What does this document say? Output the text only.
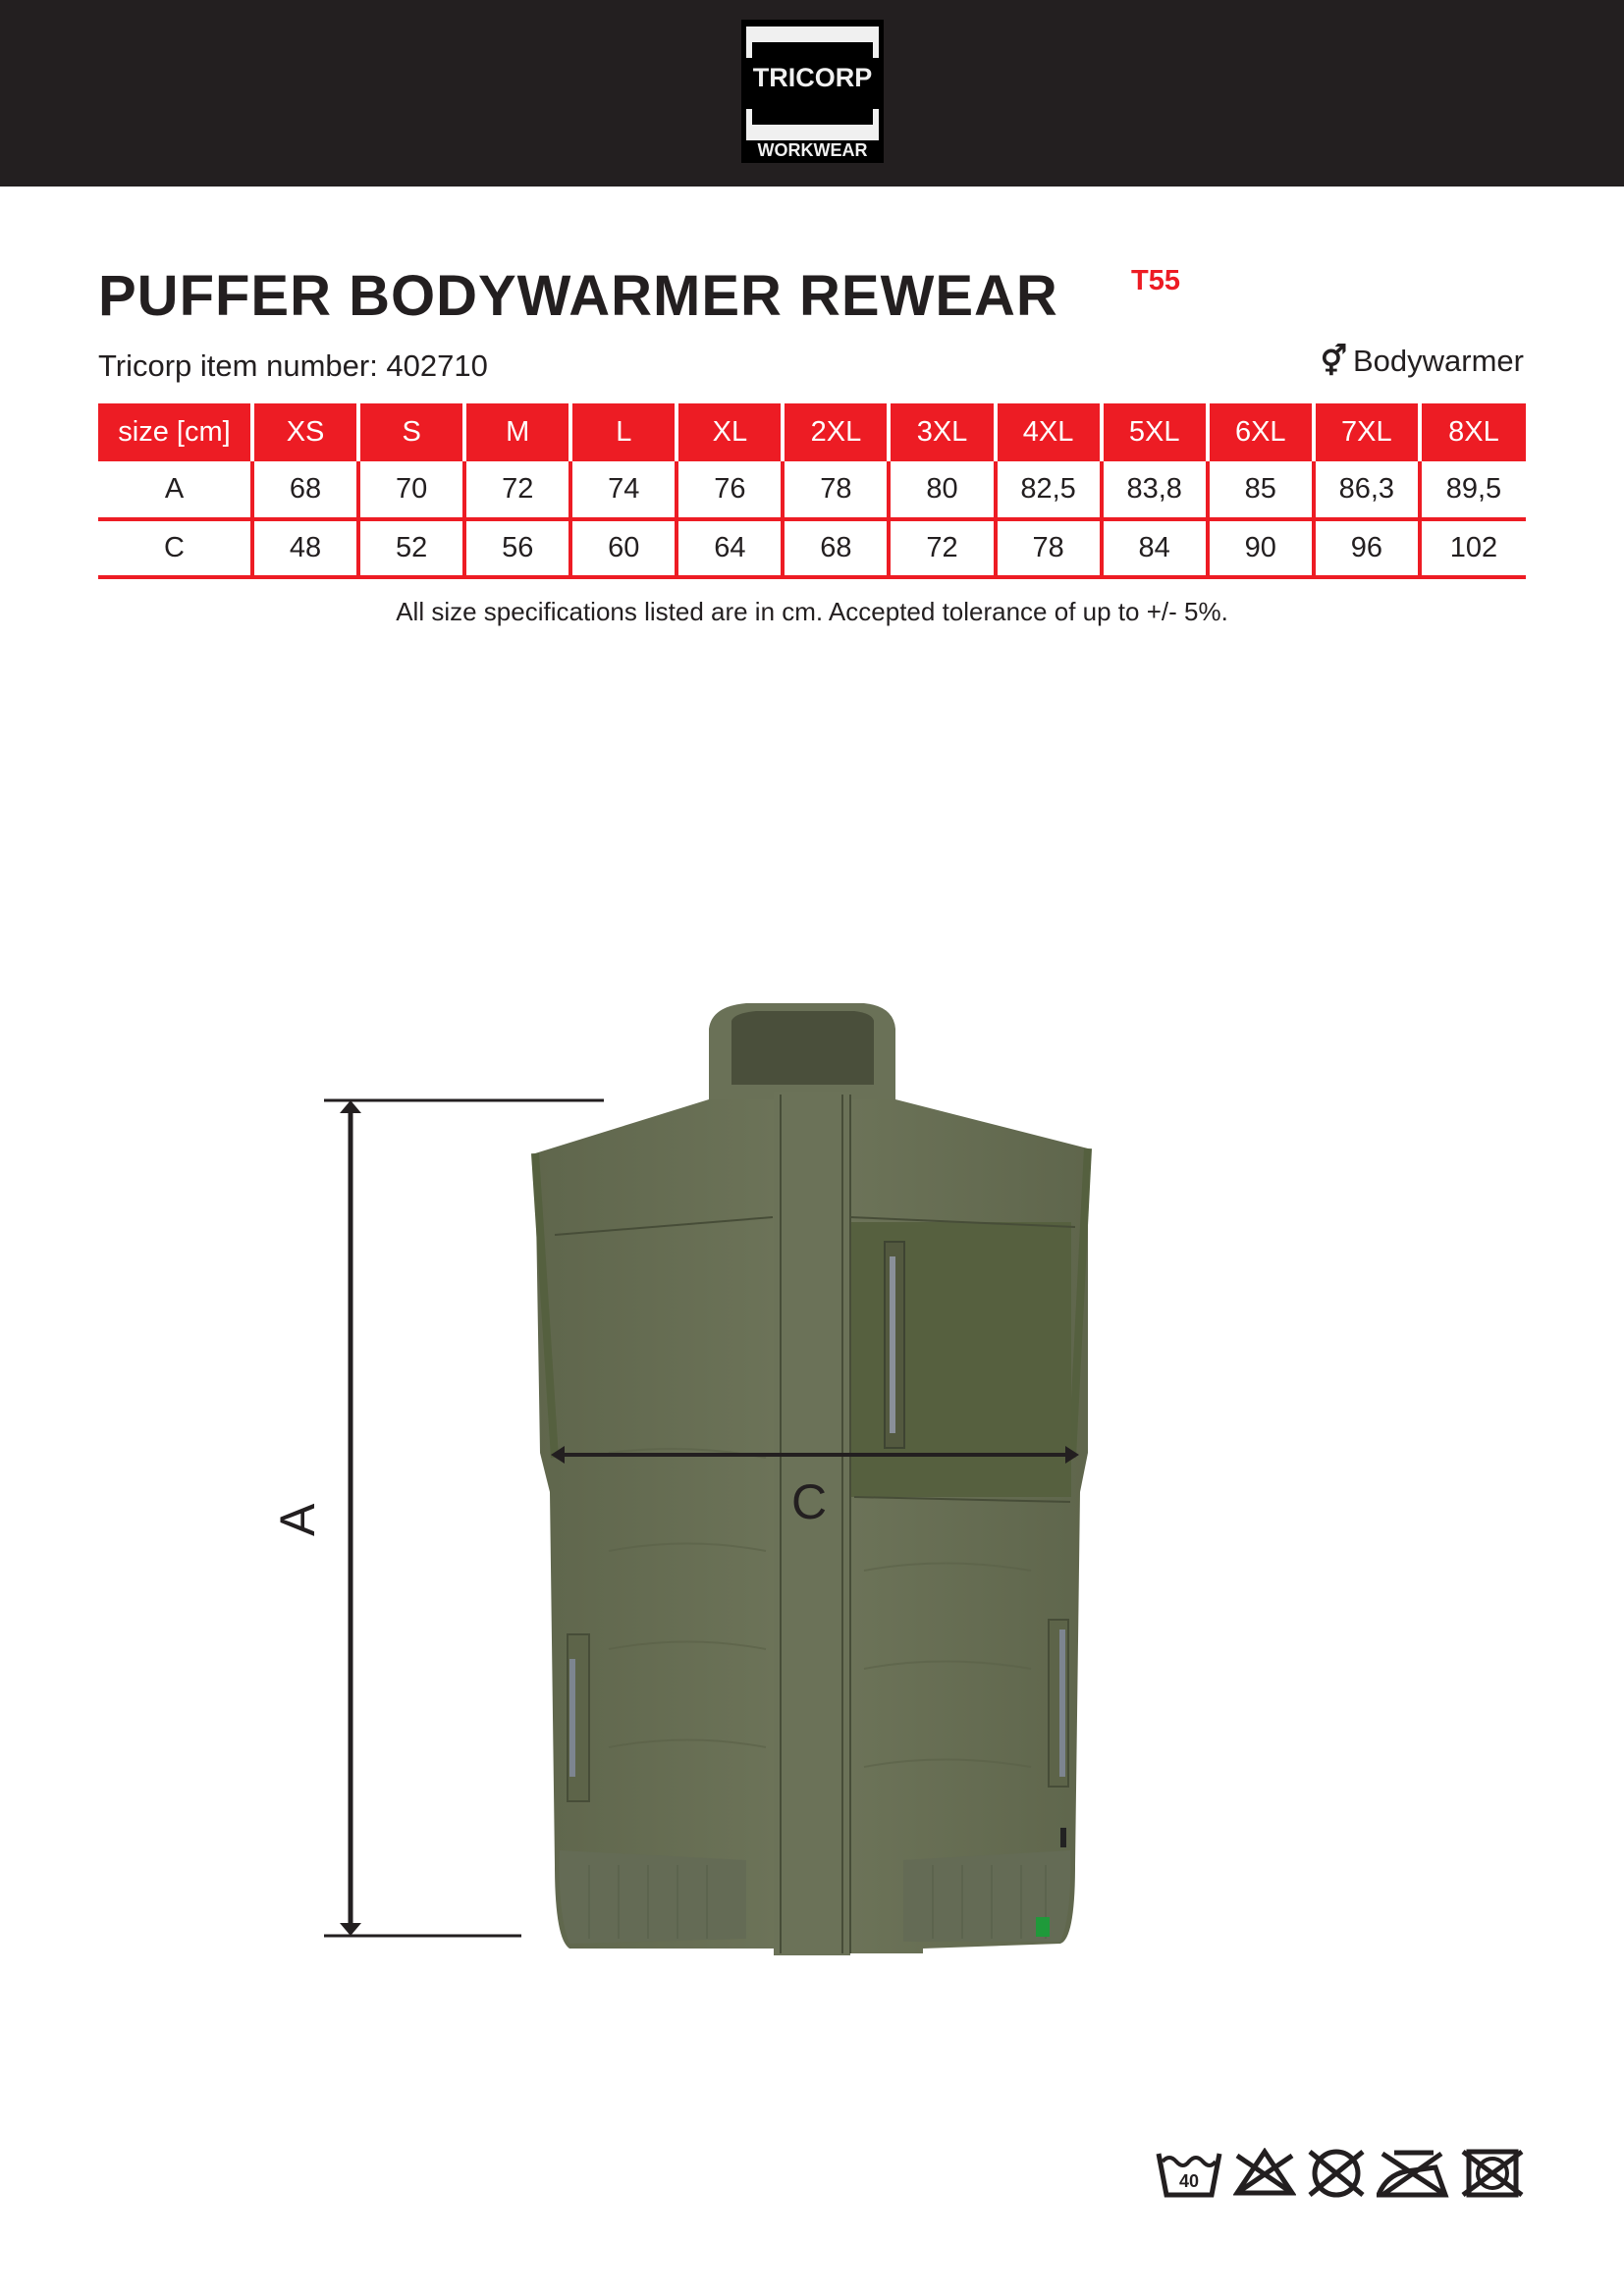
TRICORP
WORKWEAR
PUFFER BODYWARMER REWEAR	T55
Tricorp item number: 402710	⚥ Bodywarmer
size [cm]	XS	S	M	L	XL	2XL	3XL	4XL	5XL	6XL	7XL	8XL
A	68	70	72	74	76	78	80	82,5	83,8	85	86,3	89,5
C	48	52	56	60	64	68	72	78	84	90	96	102
All size specifications listed are in cm. Accepted tolerance of up to +/- 5%.
A	C
40
